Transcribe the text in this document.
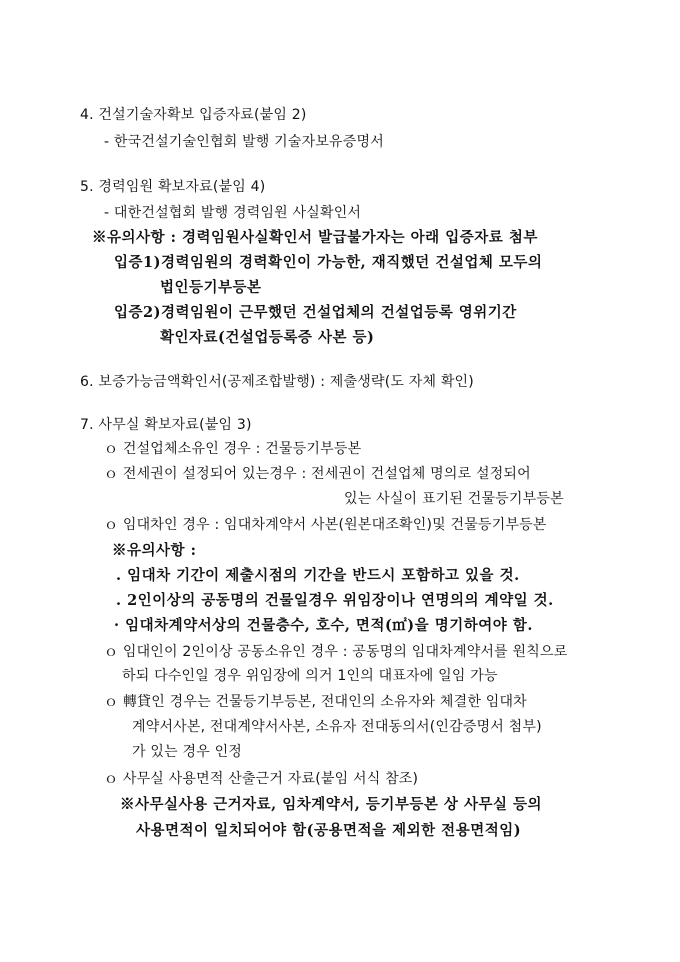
4. 건설기술자확보 입증자료(붙임 2)
- 한국건설기술인협회 발행 기술자보유증명서
5. 경력임원 확보자료(붙임 4)
- 대한건설협회 발행 경력임원 사실확인서
※유의사항 : 경력임원사실확인서 발급불가자는 아래 입증자료 첨부
입증1)경력임원의 경력확인이 가능한, 재직했던 건설업체 모두의
법인등기부등본
입증2)경력임원이 근무했던 건설업체의 건설업등록 영위기간
확인자료(건설업등록증 사본 등)
6. 보증가능금액확인서(공제조합발행) : 제출생략(도 자체 확인)
7. 사무실 확보자료(붙임 3)
ｏ 건설업체소유인 경우 : 건물등기부등본
ｏ 전세권이 설정되어 있는경우 : 전세권이 건설업체 명의로 설정되어
있는 사실이 표기된 건물등기부등본
ｏ 임대차인 경우 : 임대차계약서 사본(원본대조확인)및 건물등기부등본
※유의사항 :
. 임대차 기간이 제출시점의 기간을 반드시 포함하고 있을 것.
. 2인이상의 공동명의 건물일경우 위임장이나 연명의의 계약일 것.
· 임대차계약서상의 건물층수, 호수, 면적(㎡)을 명기하여야 함.
ｏ 임대인이 2인이상 공동소유인 경우 : 공동명의 임대차계약서를 원칙으로
하되 다수인일 경우 위임장에 의거 1인의 대표자에 일임 가능
ｏ 轉貸인 경우는 건물등기부등본, 전대인의 소유자와 체결한 임대차
계약서사본, 전대계약서사본, 소유자 전대동의서(인감증명서 첨부)
가 있는 경우 인정
ｏ 사무실 사용면적 산출근거 자료(붙임 서식 참조)
※사무실사용 근거자료, 임차계약서, 등기부등본 상 사무실 등의
사용면적이 일치되어야 함(공용면적을 제외한 전용면적임)
